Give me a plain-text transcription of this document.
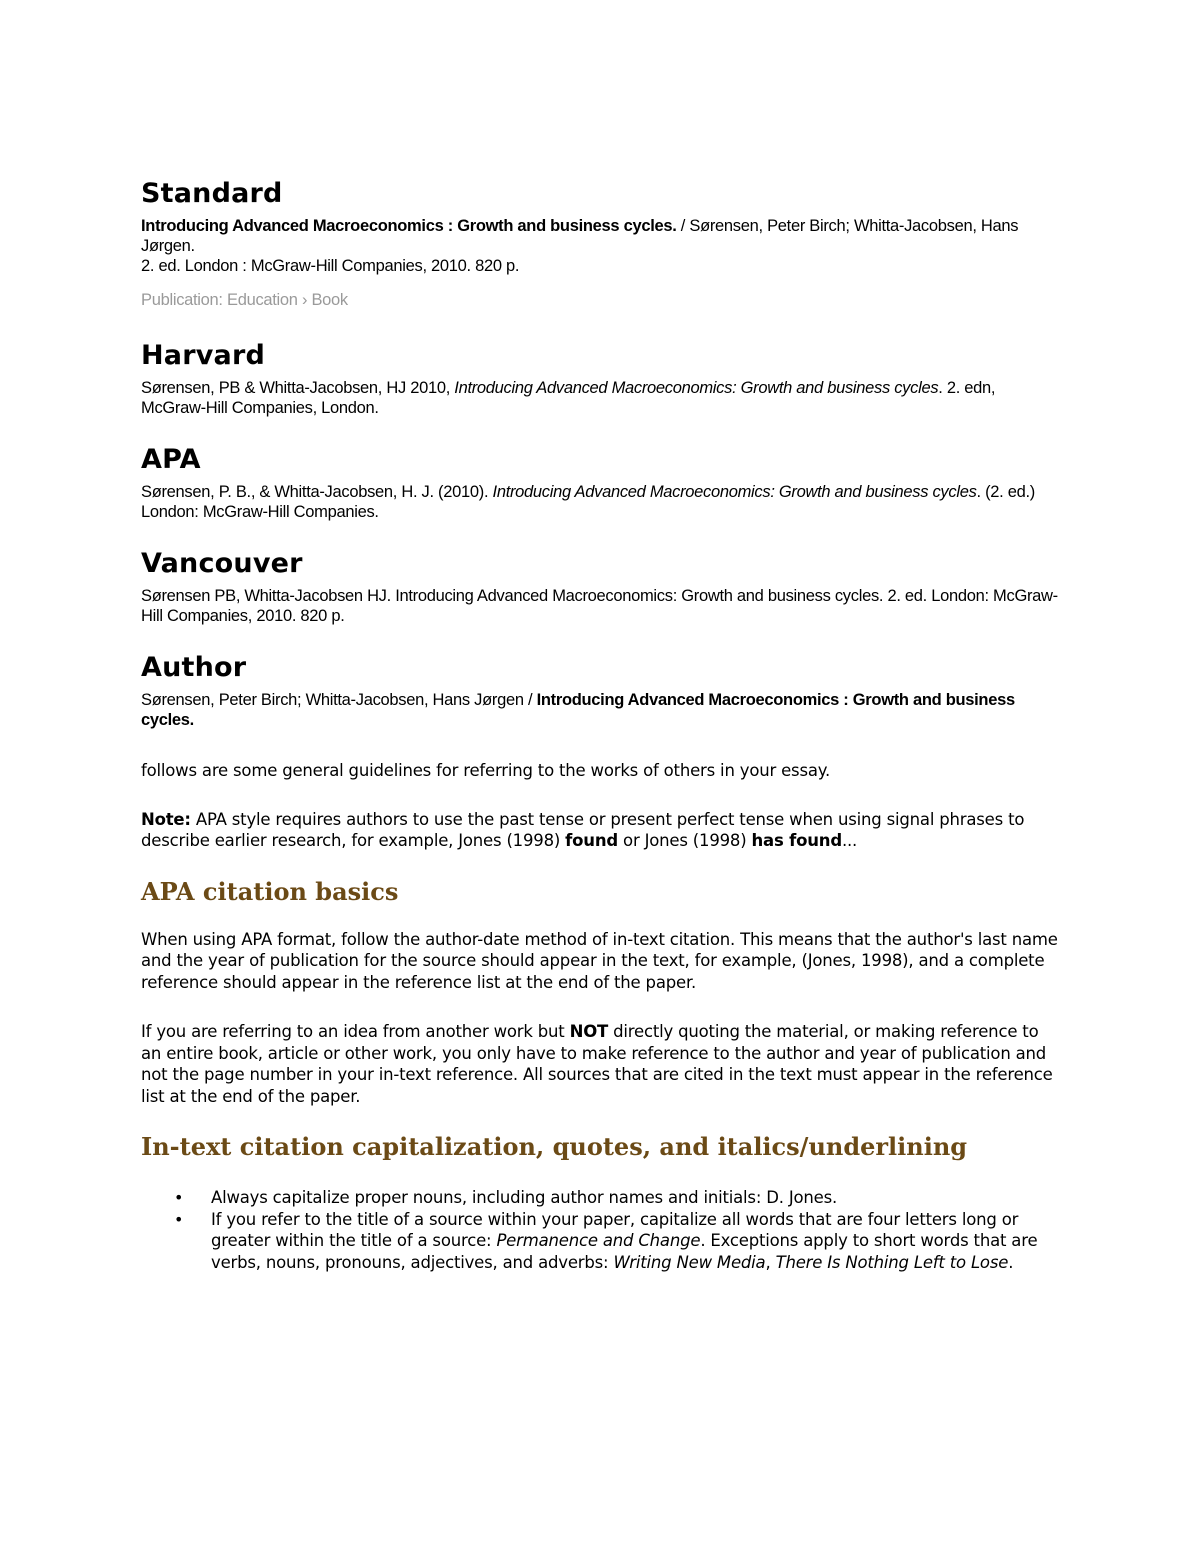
Standard

Introducing Advanced Macroeconomics : Growth and business cycles. / Sørensen, Peter Birch; Whitta-Jacobsen, Hans Jørgen.
2. ed. London : McGraw-Hill Companies, 2010. 820 p.

Publication: Education › Book

Harvard

Sørensen, PB & Whitta-Jacobsen, HJ 2010, Introducing Advanced Macroeconomics: Growth and business cycles. 2. edn, McGraw-Hill Companies, London.

APA

Sørensen, P. B., & Whitta-Jacobsen, H. J. (2010). Introducing Advanced Macroeconomics: Growth and business cycles. (2. ed.) London: McGraw-Hill Companies.

Vancouver

Sørensen PB, Whitta-Jacobsen HJ. Introducing Advanced Macroeconomics: Growth and business cycles. 2. ed. London: McGraw-Hill Companies, 2010. 820 p.

Author

Sørensen, Peter Birch; Whitta-Jacobsen, Hans Jørgen / Introducing Advanced Macroeconomics : Growth and business cycles.

follows are some general guidelines for referring to the works of others in your essay.

Note: APA style requires authors to use the past tense or present perfect tense when using signal phrases to describe earlier research, for example, Jones (1998) found or Jones (1998) has found...

APA citation basics

When using APA format, follow the author-date method of in-text citation. This means that the author's last name and the year of publication for the source should appear in the text, for example, (Jones, 1998), and a complete reference should appear in the reference list at the end of the paper.

If you are referring to an idea from another work but NOT directly quoting the material, or making reference to an entire book, article or other work, you only have to make reference to the author and year of publication and not the page number in your in-text reference. All sources that are cited in the text must appear in the reference list at the end of the paper.

In-text citation capitalization, quotes, and italics/underlining
• Always capitalize proper nouns, including author names and initials: D. Jones.
• If you refer to the title of a source within your paper, capitalize all words that are four letters long or greater within the title of a source: Permanence and Change. Exceptions apply to short words that are verbs, nouns, pronouns, adjectives, and adverbs: Writing New Media, There Is Nothing Left to Lose.
